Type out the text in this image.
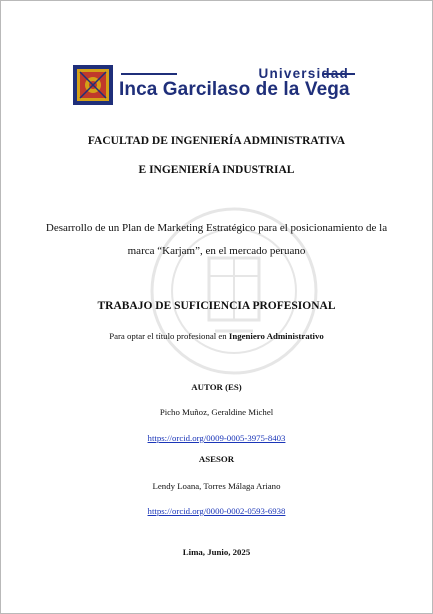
Universidad
Inca Garcilaso de la Vega
FACULTAD DE INGENIERÍA ADMINISTRATIVA
E INGENIERÍA INDUSTRIAL
Desarrollo de un Plan de Marketing Estratégico para el posicionamiento de la
marca “Karjam”, en el mercado peruano
TRABAJO DE SUFICIENCIA PROFESIONAL
Para optar el título profesional en Ingeniero Administrativo
AUTOR (ES)
Picho Muñoz, Geraldine Michel
https://orcid.org/0009-0005-3975-8403
ASESOR
Lendy Loana, Torres Málaga Ariano
https://orcid.org/0000-0002-0593-6938
Lima, Junio, 2025
